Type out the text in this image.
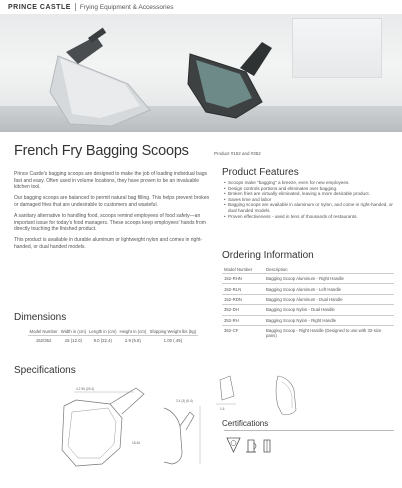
PRINCE CASTLE Frying Equipment & Accessories
French Fry Bagging Scoops	Product #152 and #352

Prince Castle's bagging scoops are designed to make the job of loading individual bags fast and easy. Often used in volume locations, they have proven to be an invaluable kitchen tool.

Our bagging scoops are balanced to permit natural bag filling. This helps prevent broken or damaged fries that are undesirable to customers and wasteful.

A sanitary alternative to handling food, scoops remind employees of food safety—an important issue for today's food managers. These scoops keep employees' hands from directly touching the finished product.

This product is available in durable aluminum or lightweight nylon and comes in right-handed, or dual handed models.

Product Features
• Scoops make "bagging" a breeze, even for new employees.
• Design controls portions and eliminates over bagging.
• Broken fries are virtually eliminated, leaving a more desirable product.
• Saves time and labor
• Bagging scoops are available in aluminum or nylon, and come in right-handed, or dual handed models.
• Proven effectiveness - used in tens of thousands of restaurants.
Ordering Information
Model Number	Description
152-RHN	Bagging Scoop Aluminum - Right Handle
152-RLN	Bagging Scoop Aluminum - Left Handle
152-RDN	Bagging Scoop Aluminum - Dual Handle
352-DH	Bagging Scoop Nylon - Dual Handle
352-RH	Bagging Scoop Nylon - Right Handle
352-CF	Bagging Scoop - Right Handle (Designed to use with 32-size pans)
Dimensions
Model Number	Width in (cm)	Length in (cm)	Height in (cm)	Shipping Weight lbs (kg)
152/352	15 (12.0)	9.0 (22.4)	2.9 (5.8)	1.00 (.45)
Specifications
4.2 96 (25.4)
18.46
2.4 (3) (8.4)
1.6
Certifications
